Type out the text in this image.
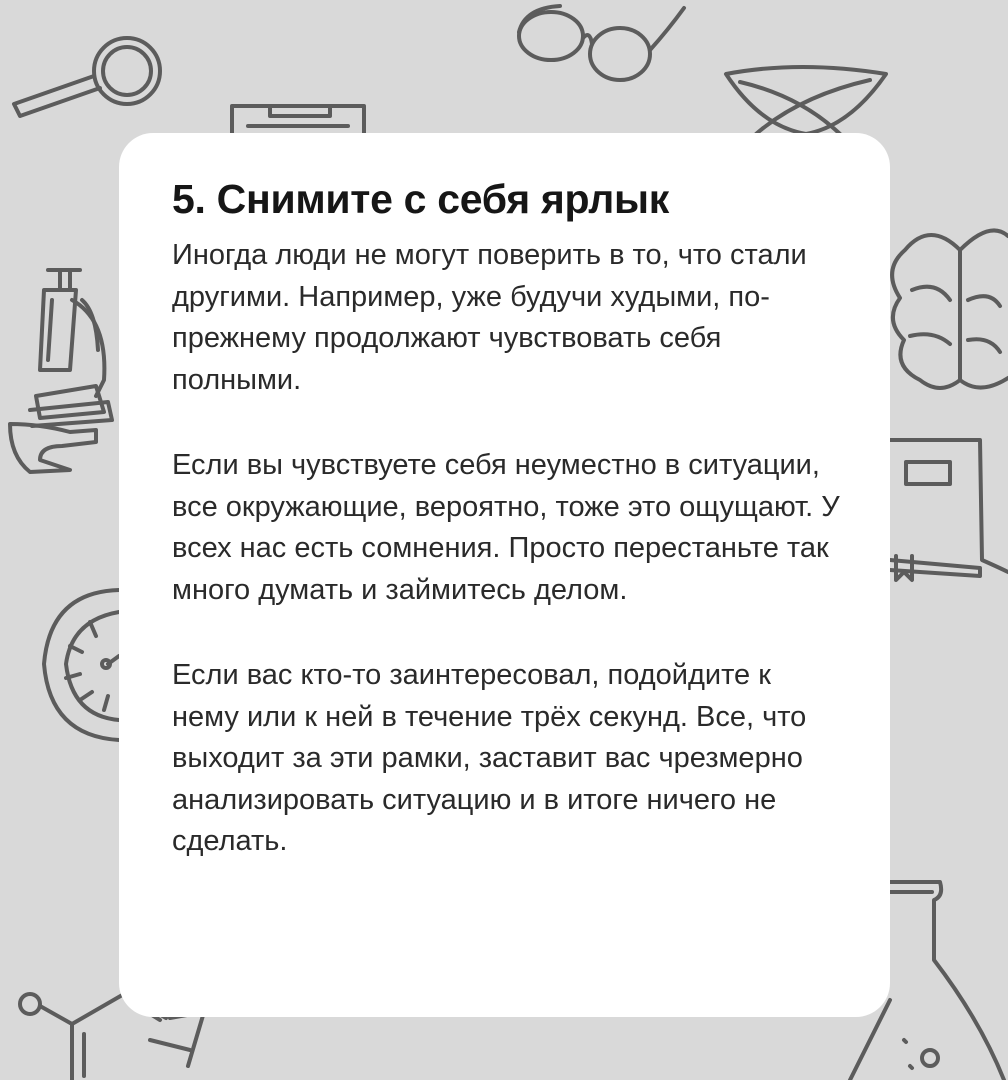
5. Снимите с себя ярлык

Иногда люди не могут поверить в то, что стали другими. Например, уже будучи худыми, по-прежнему продолжают чувствовать себя полными.

Если вы чувствуете себя неуместно в ситуации, все окружающие, вероятно, тоже это ощущают. У всех нас есть сомнения. Просто перестаньте так много думать и займитесь делом.

Если вас кто-то заинтересовал, подойдите к нему или к ней в течение трёх секунд. Все, что выходит за эти рамки, заставит вас чрезмерно анализировать ситуацию и в итоге ничего не сделать.
